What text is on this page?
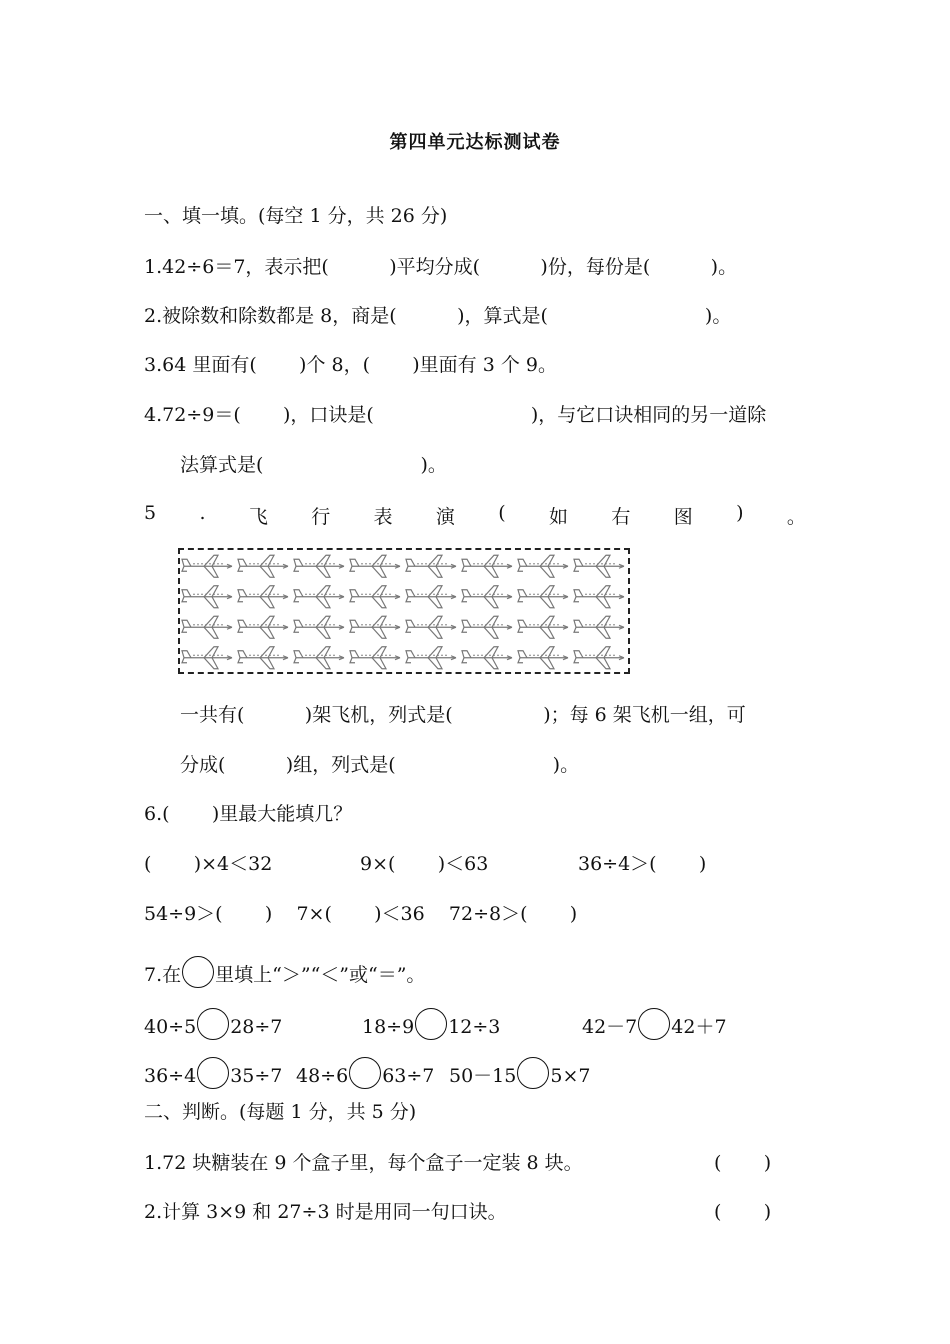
第四单元达标测试卷
一、填一填。(每空 1 分，共 26 分)
1.42÷6＝7，表示把(          )平均分成(          )份，每份是(          )。
2.被除数和除数都是 8，商是(          )，算式是(                          )。
3.64 里面有(       )个 8，(       )里面有 3 个 9。
4.72÷9＝(       )，口诀是(                          )，与它口诀相同的另一道除
法算式是(                          )。
5 . 飞 行 表 演 ( 如 右 图 ) 。
一共有(          )架飞机，列式是(               )；每 6 架飞机一组，可
分成(          )组，列式是(                          )。
6.(       )里最大能填几？
(       )×4＜32	9×(       )＜63	36÷4＞(       )
54÷9＞(       )    7×(       )＜36    72÷8＞(       )
7.在 里填上“＞”“＜”或“＝”。
40÷5 28÷7	18÷9 12÷3	42－7 42＋7
36÷4 35÷7 48÷6 63÷7 50－15 5×7
二、判断。(每题 1 分，共 5 分)
1.72 块糖装在 9 个盒子里，每个盒子一定装 8 块。	(       )
2.计算 3×9 和 27÷3 时是用同一句口诀。	(       )
